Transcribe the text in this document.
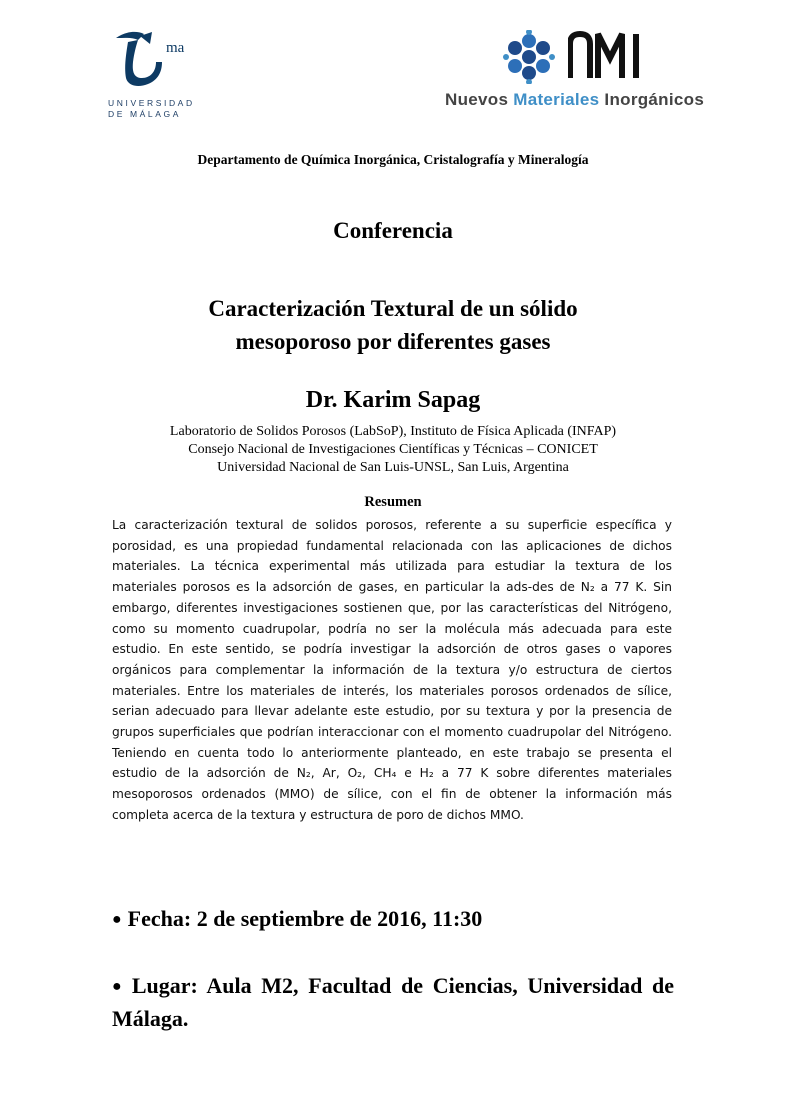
ma
UNIVERSIDAD
DE MÁLAGA
Nuevos Materiales Inorgánicos
Departamento de Química Inorgánica, Cristalografía y Mineralogía
Conferencia
Caracterización Textural de un sólido
mesoporoso por diferentes gases
Dr. Karim Sapag
Laboratorio de Solidos Porosos (LabSoP), Instituto de Física Aplicada (INFAP)
Consejo Nacional de Investigaciones Científicas y Técnicas – CONICET
Universidad Nacional de San Luis-UNSL, San Luis, Argentina
Resumen
La caracterización textural de solidos porosos, referente a su superficie específica y porosidad, es una propiedad fundamental relacionada con las aplicaciones de dichos materiales. La técnica experimental más utilizada para estudiar la textura de los materiales porosos es la adsorción de gases, en particular la ads-des de N₂ a 77 K. Sin embargo, diferentes investigaciones sostienen que, por las características del Nitrógeno, como su momento cuadrupolar, podría no ser la molécula más adecuada para este estudio. En este sentido, se podría investigar la adsorción de otros gases o vapores orgánicos para complementar la información de la textura y/o estructura de ciertos materiales. Entre los materiales de interés, los materiales porosos ordenados de sílice, serian adecuado para llevar adelante este estudio, por su textura y por la presencia de grupos superficiales que podrían interaccionar con el momento cuadrupolar del Nitrógeno. Teniendo en cuenta todo lo anteriormente planteado, en este trabajo se presenta el estudio de la adsorción de N₂, Ar, O₂, CH₄ e H₂ a 77 K sobre diferentes materiales mesoporosos ordenados (MMO) de sílice, con el fin de obtener la información más completa acerca de la textura y estructura de poro de dichos MMO.
● Fecha: 2 de septiembre de 2016, 11:30
● Lugar: Aula M2, Facultad de Ciencias, Universidad de Málaga.
